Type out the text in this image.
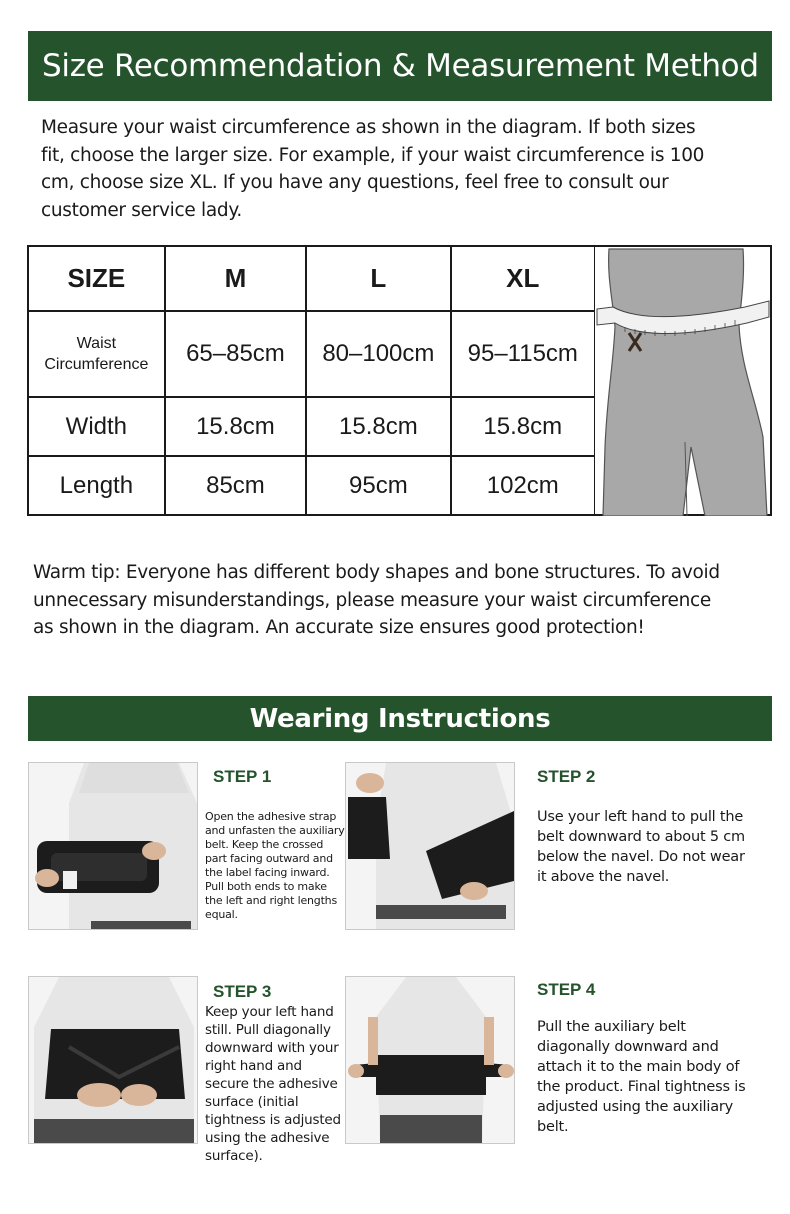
Size Recommendation & Measurement Method

Measure your waist circumference as shown in the diagram. If both sizes fit, choose the larger size. For example, if your waist circumference is 100 cm, choose size XL. If you have any questions, feel free to consult our customer service lady.

SIZE	M	L	XL

Waist
Circumference	65–85cm	80–100cm	95–115cm
Width	15.8cm	15.8cm	15.8cm
Length	85cm	95cm	102cm

Warm tip: Everyone has different body shapes and bone structures. To avoid unnecessary misunderstandings, please measure your waist circumference as shown in the diagram. An accurate size ensures good protection!

Wearing Instructions
STEP 1

Open the adhesive strap and unfasten the auxiliary belt. Keep the crossed part facing outward and the label facing inward. Pull both ends to make the left and right lengths equal.

STEP 2

Use your left hand to pull the belt downward to about 5 cm below the navel. Do not wear it above the navel.

STEP 3

Keep your left hand still. Pull diagonally downward with your right hand and secure the adhesive surface (initial tightness is adjusted using the adhesive surface).

STEP 4

Pull the auxiliary belt diagonally downward and attach it to the main body of the product. Final tightness is adjusted using the auxiliary belt.
